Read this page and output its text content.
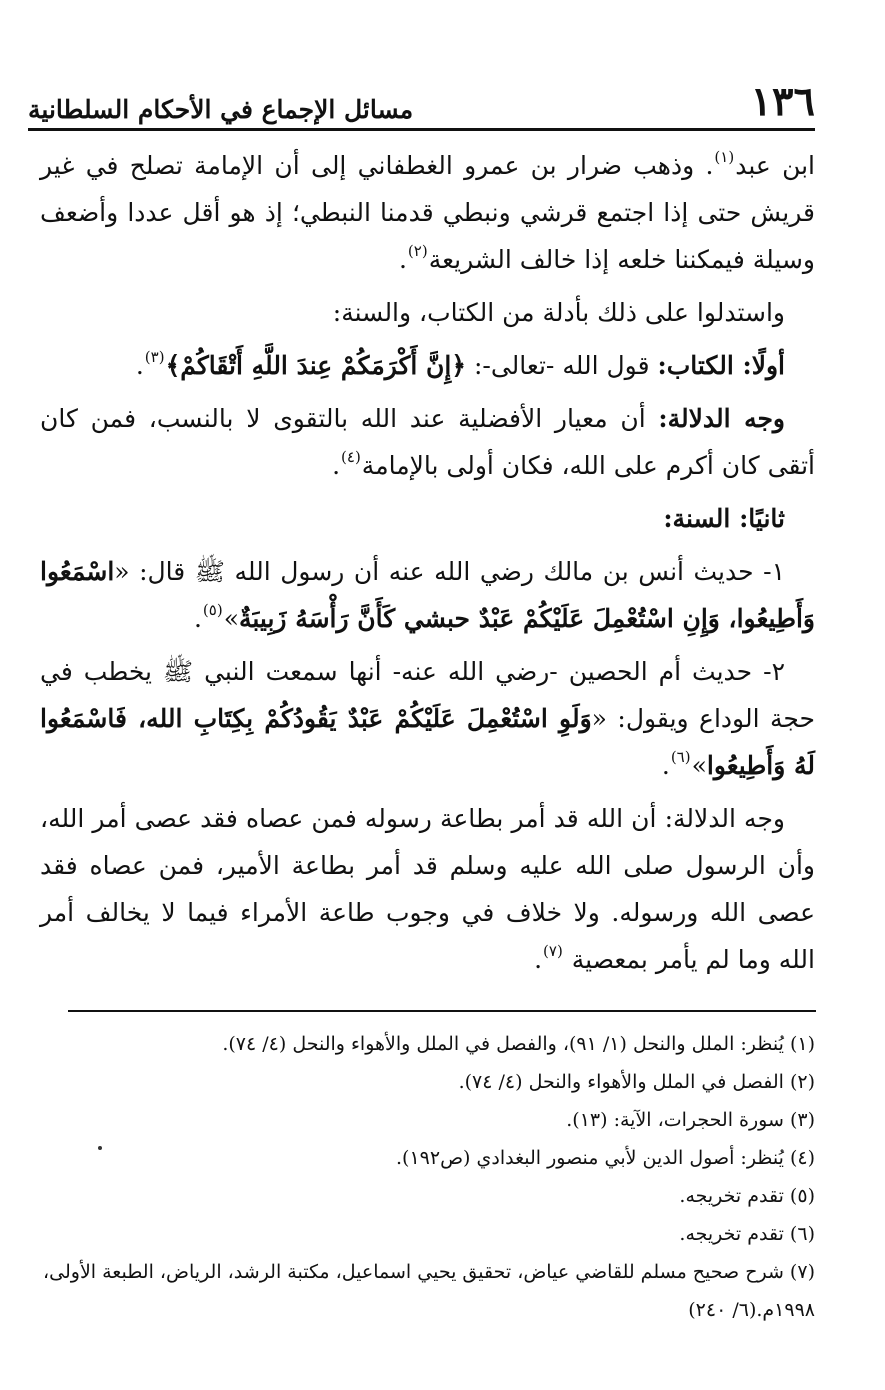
١٣٦
مسائل الإجماع في الأحكام السلطانية

ابن عبد$^{(١)}$. وذهب ضرار بن عمرو الغطفاني إلى أن الإمامة تصلح في غير قريش حتى إذا اجتمع قرشي ونبطي قدمنا النبطي؛ إذ هو أقل عددا وأضعف وسيلة فيمكننا خلعه إذا خالف الشريعة$^{(٢)}$.

واستدلوا على ذلك بأدلة من الكتاب، والسنة:

أولًا: الكتاب: قول الله -تعالى-: ﴿إِنَّ أَكْرَمَكُمْ عِندَ اللَّهِ أَتْقَاكُمْ﴾$^{(٣)}$.

وجه الدلالة: أن معيار الأفضلية عند الله بالتقوى لا بالنسب، فمن كان أتقى كان أكرم على الله، فكان أولى بالإمامة$^{(٤)}$.

ثانيًا: السنة:

١- حديث أنس بن مالك رضي الله عنه أن رسول الله ﷺ قال: «اسْمَعُوا وَأَطِيعُوا، وَإِنِ اسْتُعْمِلَ عَلَيْكُمْ عَبْدٌ حبشي كَأَنَّ رَأْسَهُ زَبِيبَةٌ»$^{(٥)}$.

٢- حديث أم الحصين -رضي الله عنه- أنها سمعت النبي ﷺ يخطب في حجة الوداع ويقول: «وَلَوِ اسْتُعْمِلَ عَلَيْكُمْ عَبْدٌ يَقُودُكُمْ بِكِتَابِ الله، فَاسْمَعُوا لَهُ وَأَطِيعُوا»$^{(٦)}$.

وجه الدلالة: أن الله قد أمر بطاعة رسوله فمن عصاه فقد عصى أمر الله، وأن الرسول صلى الله عليه وسلم قد أمر بطاعة الأمير، فمن عصاه فقد عصى الله ورسوله. ولا خلاف في وجوب طاعة الأمراء فيما لا يخالف أمر الله وما لم يأمر بمعصية $^{(٧)}$.

(١) يُنظر: الملل والنحل (١/ ٩١)، والفصل في الملل والأهواء والنحل (٤/ ٧٤).

(٢) الفصل في الملل والأهواء والنحل (٤/ ٧٤).

(٣) سورة الحجرات، الآية: (١٣).

(٤) يُنظر: أصول الدين لأبي منصور البغدادي (ص١٩٢).

(٥) تقدم تخريجه.

(٦) تقدم تخريجه.

(٧) شرح صحيح مسلم للقاضي عياض، تحقيق يحيي اسماعيل، مكتبة الرشد، الرياض، الطبعة الأولى، ١٩٩٨م.(٦/ ٢٤٠)
